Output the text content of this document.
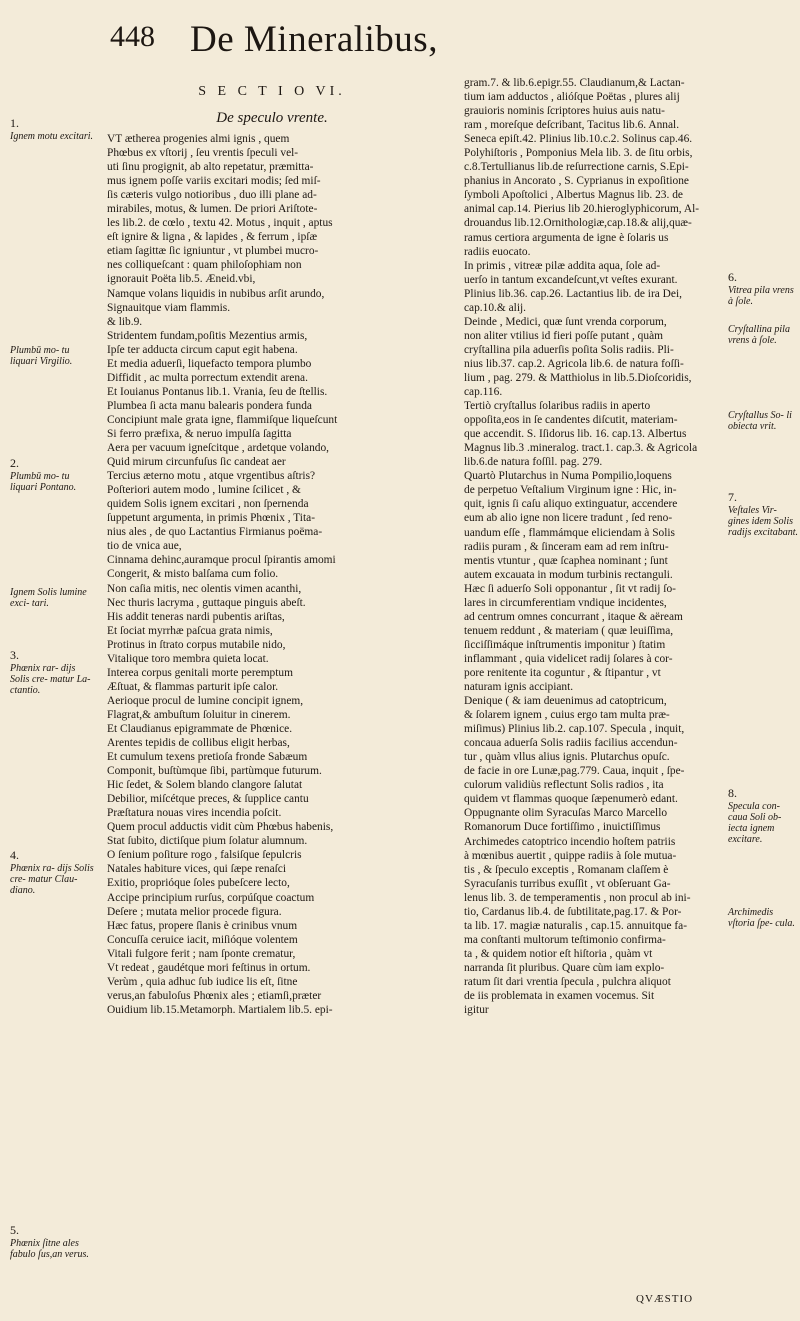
448 De Mineralibus,
S E C T I O VI.
De speculo vrente.
VT ætherea progenies almi ignis , quem
Phœbus ex vſtorij , ſeu vrentis ſpeculi vel-
uti ſinu progignit, ab alto repetatur, præmitta-
mus ignem poſſe variis excitari modis; ſed miſ-
ſis cæteris vulgo notioribus , duo illi plane ad-
mirabiles, motus, & lumen. De priori Ariſtote-
les lib.2. de cœlo , textu 42. Motus , inquit , aptus
eſt ignire & ligna , & lapides , & ferrum , ipſæ
etiam ſagittæ ſic igniuntur , vt plumbei mucro-
nes colliqueſcant : quam philoſophiam non
ignorauit Poëta lib.5. Æneid.vbi,
Namque volans liquidis in nubibus arſit arundo,
Signauitque viam flammis.
& lib.9.
Stridentem fundam,poſitis Mezentius armis,
Ipſe ter adducta circum caput egit habena.
Et media aduerſi, liquefacto tempora plumbo
Diffidit , ac multa porrectum extendit arena.
Et Iouianus Pontanus lib.1. Vrania, ſeu de ſtellis.
Plumbea ſi acta manu balearis pondera funda
Concipiunt male grata igne, flammiſque liqueſcunt
Si ferro præfixa, & neruo impulſa ſagitta
Aera per vacuum igneſcitque , ardetque volando,
Quid mirum circunfuſus ſic candeat aer
Tercius æterno motu , atque vrgentibus aſtris?
Poſteriori autem modo , lumine ſcilicet , &
quidem Solis ignem excitari , non ſpernenda
ſuppetunt argumenta, in primis Phœnix , Tita-
nius ales , de quo Lactantius Firmianus poëma-
tio de vnica aue,
Cinnama dehinc,auramque procul ſpirantis amomi
Congerit, & misto balſama cum folio.
Non caſia mitis, nec olentis vimen acanthi,
Nec thuris lacryma , guttaque pinguis abeſt.
His addit teneras nardi pubentis ariſtas,
Et ſociat myrrhæ paſcua grata nimis,
Protinus in ſtrato corpus mutabile nido,
Vitalique toro membra quieta locat.
Interea corpus genitali morte peremptum
Æſtuat, & flammas parturit ipſe calor.
Aerioque procul de lumine concipit ignem,
Flagrat,& ambuſtum ſoluitur in cinerem.
Et Claudianus epigrammate de Phœnice.
Arentes tepidis de collibus eligit herbas,
Et cumulum texens pretioſa fronde Sabæum
Componit, buſtùmque ſibi, partùmque futurum.
Hic ſedet, & Solem blando clangore ſalutat
Debilior, miſcétque preces, & ſupplice cantu
Præſtatura nouas vires incendia poſcit.
Quem procul adductis vidit cùm Phœbus habenis,
Stat ſubito, dictiſque pium ſolatur alumnum.
O ſenium poſiture rogo , falsiſque ſepulcris
Natales habiture vices, qui ſæpe renaſci
Exitio, proprióque ſoles pubeſcere lecto,
Accipe principium rurſus, corpúſque coactum
Deſere ; mutata melior procede figura.
Hæc fatus, propere ſlanis è crinibus vnum
Concuſſa ceruice iacit, miſióque volentem
Vitali fulgore ferit ; nam ſponte crematur,
Vt redeat , gaudétque mori feſtinus in ortum.
Verùm , quia adhuc ſub iudice lis eſt, ſitne
verus,an fabuloſus Phœnix ales ; etiamſi,præter
Ouidium lib.15.Metamorph. Martialem lib.5. epi-
gram.7. & lib.6.epigr.55. Claudianum,& Lactan-
tium iam adductos , alióſque Poëtas , plures alij
grauioris nominis ſcriptores huius auis natu-
ram , moreſque deſcribant, Tacitus lib.6. Annal.
Seneca epiſt.42. Plinius lib.10.c.2. Solinus cap.46.
Polyhiſtoris , Pomponius Mela lib. 3. de ſitu orbis,
c.8.Tertullianus lib.de reſurrectione carnis, S.Epi-
phanius in Ancorato , S. Cyprianus in expoſitione
ſymboli Apoſtolici , Albertus Magnus lib. 23. de
animal cap.14. Pierius lib 20.hieroglyphicorum, Al-
drouandus lib.12.Ornithologiæ,cap.18.& alij,quæ-
ramus certiora argumenta de igne è ſolaris us
radiis euocato.
In primis , vitreæ pilæ addita aqua, ſole ad-
uerſo in tantum excandeſcunt,vt veſtes exurant.
Plinius lib.36. cap.26. Lactantius lib. de ira Dei,
cap.10.& alij.
Deinde , Medici, quæ ſunt vrenda corporum,
non aliter vtilius id fieri poſſe putant , quàm
cryſtallina pila aduerſis poſita Solis radiis. Pli-
nius lib.37. cap.2. Agricola lib.6. de natura foſſi-
lium , pag. 279. & Matthiolus in lib.5.Dioſcoridis,
cap.116.
Tertiò cryſtallus ſolaribus radiis in aperto
oppoſita,eos in ſe candentes diſcutit, materiam-
que accendit. S. Iſidorus lib. 16. cap.13. Albertus
Magnus lib.3 .mineralog. tract.1. cap.3. & Agricola
lib.6.de natura foſſil. pag. 279.
Quartò Plutarchus in Numa Pompilio,loquens
de perpetuo Veſtalium Virginum igne : Hic, in-
quit, ignis ſi caſu aliquo extinguatur, accendere
eum ab alio igne non licere tradunt , ſed reno-
uandum eſſe , flammámque eliciendam à Solis
radiis puram , & ſinceram eam ad rem inſtru-
mentis vtuntur , quæ ſcaphea nominant ; ſunt
autem excauata in modum turbinis rectanguli.
Hæc ſi aduerſo Soli opponantur , ſit vt radij ſo-
lares in circumferentiam vndique incidentes,
ad centrum omnes concurrant , itaque & aëream
tenuem reddunt , & materiam ( quæ leuiſſima,
ſicciſſimáque inſtrumentis imponitur ) ſtatim
inflammant , quia videlicet radij ſolares à cor-
pore renitente ita coguntur , & ſtipantur , vt
naturam ignis accipiant.
Denique ( & iam deuenimus ad catoptricum,
& ſolarem ignem , cuius ergo tam multa præ-
miſimus) Plinius lib.2. cap.107. Specula , inquit,
concaua aduerſa Solis radiis facilius accendun-
tur , quàm vllus alius ignis. Plutarchus opuſc.
de facie in ore Lunæ,pag.779. Caua, inquit , ſpe-
culorum validiùs reflectunt Solis radios , ita
quidem vt flammas quoque ſæpenumerò edant.
Oppugnante olim Syracuſas Marco Marcello
Romanorum Duce fortiſſimo , inuictiſſimus
Archimedes catoptrico incendio hoſtem patriis
à mœnibus auertit , quippe radiis à ſole mutua-
tis , & ſpeculo exceptis , Romanam claſſem è
Syracuſanis turribus exuſſit , vt obſeruant Ga-
lenus lib. 3. de temperamentis , non procul ab ini-
tio, Cardanus lib.4. de ſubtilitate,pag.17. & Por-
ta lib. 17. magiæ naturalis , cap.15. annuitque fa-
ma conſtanti multorum teſtimonio confirma-
ta , & quidem notior eſt hiſtoria , quàm vt
narranda ſit pluribus. Quare cùm iam explo-
ratum ſit dari vrentia ſpecula , pulchra aliquot
de iis problemata in examen vocemus. Sit
igitur
1.
Ignem motu excitari.
Plumbū mo- tu liquari Virgilio.
2.
Plumbū mo- tu liquari Pontano.
Ignem Solis lumine exci- tari.
3.
Phœnix rar- dijs Solis cre- matur La- ctantio.
4.
Phœnix ra- dijs Solis cre- matur Clau- diano.
5.
Phœnix ſitne ales fabulo ſus,an verus.
6.
Vitrea pila vrens à ſole.
Cryſtallina pila vrens à ſole.
Cryſtallus So- li obiecta vrit.
7.
Veſtales Vir- gines idem Solis radijs excitabant.
8.
Specula con- caua Soli ob- iecta ignem excitare.
Archimedis vſtoria ſpe- cula.
QVÆSTIO
